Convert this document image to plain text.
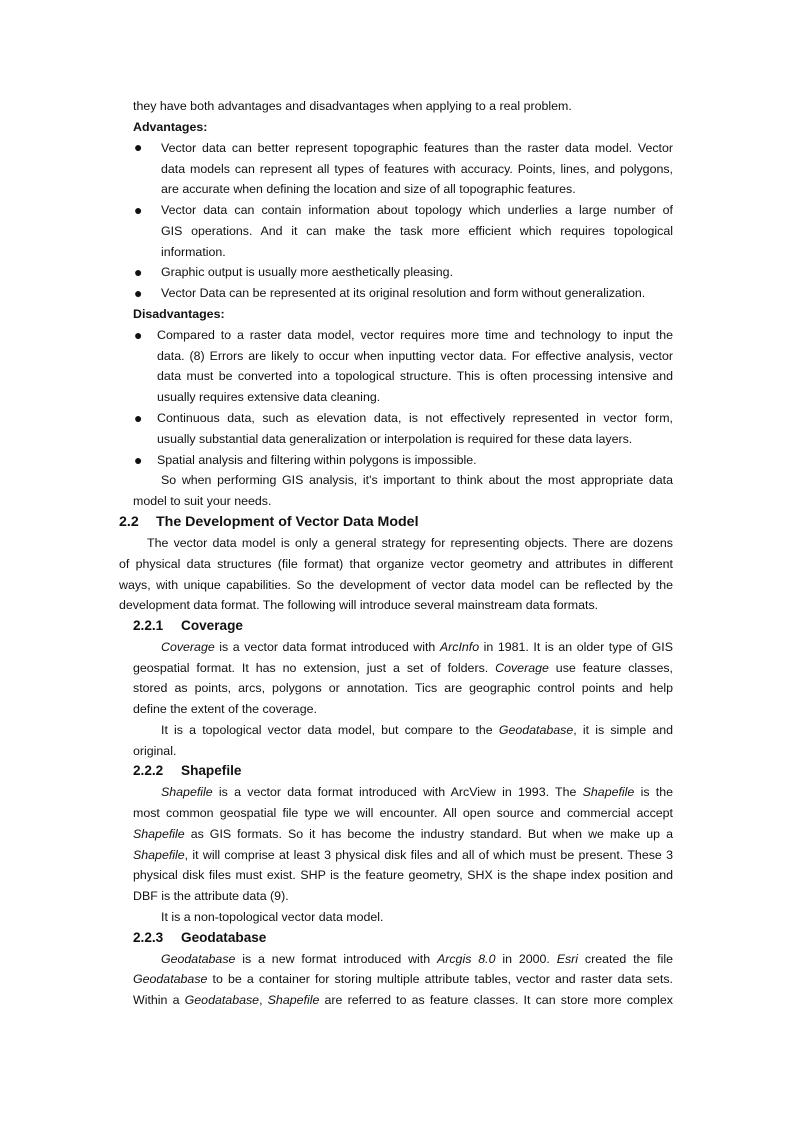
they have both advantages and disadvantages when applying to a real problem.

Advantages:

● Vector data can better represent topographic features than the raster data model. Vector

data models can represent all types of features with accuracy. Points, lines, and polygons,

are accurate when defining the location and size of all topographic features.

● Vector data can contain information about topology which underlies a large number of

GIS operations. And it can make the task more efficient which requires topological

information.

● Graphic output is usually more aesthetically pleasing.

● Vector Data can be represented at its original resolution and form without generalization.

Disadvantages:

● Compared to a raster data model, vector requires more time and technology to input the

data. (8) Errors are likely to occur when inputting vector data. For effective analysis, vector

data must be converted into a topological structure. This is often processing intensive and

usually requires extensive data cleaning.

● Continuous data, such as elevation data, is not effectively represented in vector form,

usually substantial data generalization or interpolation is required for these data layers.

● Spatial analysis and filtering within polygons is impossible.

So when performing GIS analysis, it's important to think about the most appropriate data

model to suit your needs.

2.2 The Development of Vector Data Model

The vector data model is only a general strategy for representing objects. There are dozens

of physical data structures (file format) that organize vector geometry and attributes in different

ways, with unique capabilities. So the development of vector data model can be reflected by the

development data format. The following will introduce several mainstream data formats.

2.2.1 Coverage

Coverage is a vector data format introduced with ArcInfo in 1981. It is an older type of GIS

geospatial format. It has no extension, just a set of folders. Coverage use feature classes,

stored as points, arcs, polygons or annotation. Tics are geographic control points and help

define the extent of the coverage.

It is a topological vector data model, but compare to the Geodatabase, it is simple and

original.

2.2.2 Shapefile

Shapefile is a vector data format introduced with ArcView in 1993. The Shapefile is the

most common geospatial file type we will encounter. All open source and commercial accept

Shapefile as GIS formats. So it has become the industry standard. But when we make up a

Shapefile, it will comprise at least 3 physical disk files and all of which must be present. These 3

physical disk files must exist. SHP is the feature geometry, SHX is the shape index position and

DBF is the attribute data (9).

It is a non-topological vector data model.

2.2.3 Geodatabase

Geodatabase is a new format introduced with Arcgis 8.0 in 2000. Esri created the file

Geodatabase to be a container for storing multiple attribute tables, vector and raster data sets.

Within a Geodatabase, Shapefile are referred to as feature classes. It can store more complex
